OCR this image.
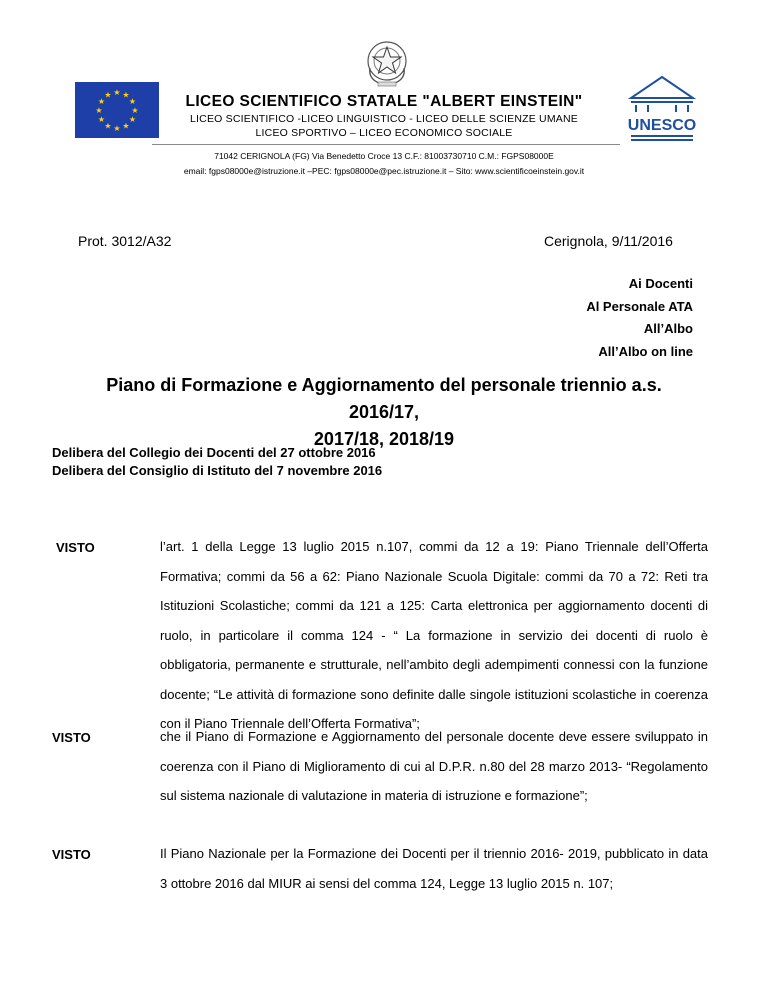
★ ★
★
★
★
★
★
★
★
★
★
★
UNESCO
LICEO SCIENTIFICO STATALE "ALBERT EINSTEIN"
LICEO SCIENTIFICO -LICEO LINGUISTICO - LICEO DELLE SCIENZE UMANE
LICEO SPORTIVO – LICEO ECONOMICO SOCIALE
71042 CERIGNOLA (FG) Via Benedetto Croce 13 C.F.: 81003730710 C.M.: FGPS08000E
email: fgps08000e@istruzione.it –PEC: fgps08000e@pec.istruzione.it – Sito: www.scientificoeinstein.gov.it
Prot. 3012/A32	Cerignola, 9/11/2016
Ai Docenti
Al Personale ATA
All’Albo
All’Albo on line
Piano di Formazione e Aggiornamento del personale triennio a.s. 2016/17,
2017/18, 2018/19
Delibera del Collegio dei Docenti del 27 ottobre 2016
Delibera del Consiglio di Istituto del 7 novembre 2016
VISTO	l’art. 1 della Legge 13 luglio 2015 n.107, commi da 12 a 19: Piano Triennale dell’Offerta Formativa; commi da 56 a 62: Piano Nazionale Scuola Digitale: commi da 70 a 72: Reti tra Istituzioni Scolastiche; commi da 121 a 125: Carta elettronica per aggiornamento docenti di ruolo, in particolare il comma 124 - “ La formazione in servizio dei docenti di ruolo è obbligatoria, permanente e strutturale, nell’ambito degli adempimenti connessi con la funzione docente; “Le attività di formazione sono definite dalle singole istituzioni scolastiche in coerenza con il Piano Triennale dell’Offerta Formativa”;
VISTO	che il Piano di Formazione e Aggiornamento del personale docente deve essere sviluppato in coerenza con il Piano di Miglioramento di cui al D.P.R. n.80 del 28 marzo 2013- “Regolamento sul sistema nazionale di valutazione in materia di istruzione e formazione”;
VISTO	Il Piano Nazionale per la Formazione dei Docenti per il triennio 2016- 2019, pubblicato in data 3 ottobre 2016 dal MIUR ai sensi del comma 124, Legge 13 luglio 2015 n. 107;
